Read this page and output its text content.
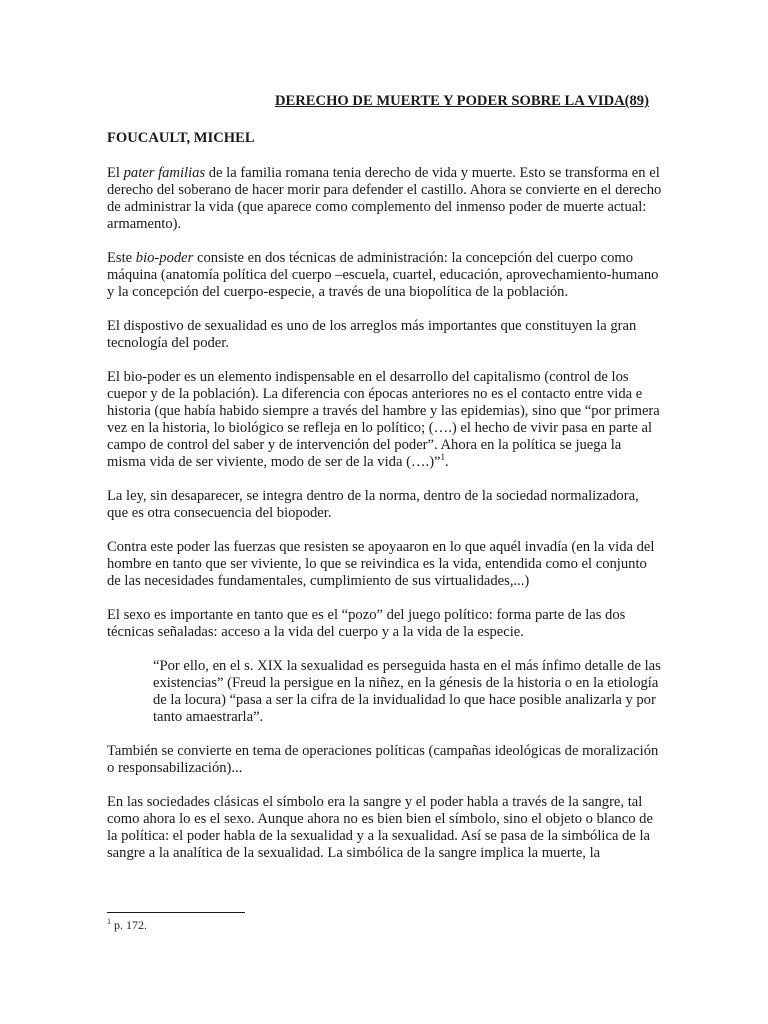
DERECHO DE MUERTE Y PODER SOBRE LA VIDA(89)
FOUCAULT, MICHEL

El pater familias de la familia romana tenia derecho de vida y muerte. Esto se transforma en el derecho del soberano de hacer morir para defender el castillo. Ahora se convierte en el derecho de administrar la vida (que aparece como complemento del inmenso poder de muerte actual: armamento).

Este bio-poder consiste en dos técnicas de administración: la concepción del cuerpo como máquina (anatomía política del cuerpo –escuela, cuartel, educación, aprovechamiento-humano y la concepción del cuerpo-especie, a través de una biopolítica de la población.

El dispostivo de sexualidad es uno de los arreglos más importantes que constituyen la gran tecnología del poder.

El bio-poder es un elemento indispensable en el desarrollo del capitalismo (control de los cuepor y de la población). La diferencia con épocas anteriores no es el contacto entre vida e historia (que había habido siempre a través del hambre y las epidemias), sino que “por primera vez en la historia, lo biológico se refleja en lo político; (….) el hecho de vivir pasa en parte al campo de control del saber y de intervención del poder”. Ahora en la política se juega la misma vida de ser viviente, modo de ser de la vida (….)”$^1$.

La ley, sin desaparecer, se integra dentro de la norma, dentro de la sociedad normalizadora, que es otra consecuencia del biopoder.

Contra este poder las fuerzas que resisten se apoyaaron en lo que aquél invadía (en la vida del hombre en tanto que ser viviente, lo que se reivindica es la vida, entendida como el conjunto de las necesidades fundamentales, cumplimiento de sus virtualidades,...)

El sexo es importante en tanto que es el “pozo” del juego político: forma parte de las dos técnicas señaladas: acceso a la vida del cuerpo y a la vida de la especie.

“Por ello, en el s. XIX la sexualidad es perseguida hasta en el más ínfimo detalle de las existencias” (Freud la persigue en la niñez, en la génesis de la historia o en la etiología de la locura) “pasa a ser la cifra de la invidualidad lo que hace posible analizarla y por tanto amaestrarla”.

También se convierte en tema de operaciones políticas (campañas ideológicas de moralización o responsabilización)...

En las sociedades clásicas el símbolo era la sangre y el poder habla a través de la sangre, tal como ahora lo es el sexo. Aunque ahora no es bien bien el símbolo, sino el objeto o blanco de la política: el poder habla de la sexualidad y a la sexualidad. Así se pasa de la simbólica de la sangre a la analítica de la sexualidad. La simbólica de la sangre implica la muerte, la

$^1$ p. 172.
